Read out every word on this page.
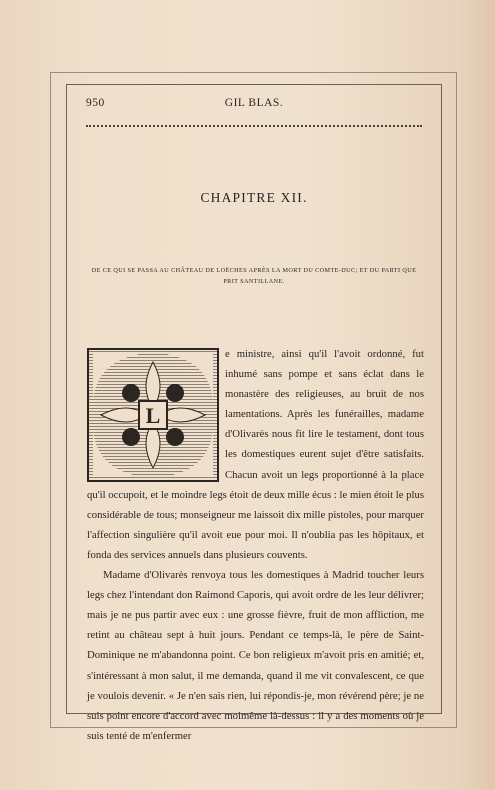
950	GIL BLAS.
CHAPITRE XII.
DE CE QUI SE PASSA AU CHÂTEAU DE LOËCHES APRÈS LA MORT DU COMTE-DUC; ET DU PARTI QUE PRIT SANTILLANE.

L
e ministre, ainsi qu'il l'avoit ordonné, fut inhumé sans pompe et sans éclat dans le monastère des religieuses, au bruit de nos lamentations. Après les funérailles, madame d'Olivarès nous fit lire le testament, dont tous les domestiques eurent sujet d'être satisfaits. Chacun avoit un legs proportionné à la place qu'il occupoit, et le moindre legs étoit de deux mille écus : le mien étoit le plus considérable de tous; monseigneur me laissoit dix mille pistoles, pour marquer l'affection singulière qu'il avoit eue pour moi. Il n'oublia pas les hôpitaux, et fonda des services annuels dans plusieurs couvents.

Madame d'Olivarès renvoya tous les domestiques à Madrid toucher leurs legs chez l'intendant don Raimond Caporis, qui avoit ordre de les leur délivrer; mais je ne pus partir avec eux : une grosse fièvre, fruit de mon affliction, me retint au château sept à huit jours. Pendant ce temps-là, le père de Saint-Dominique ne m'abandonna point. Ce bon religieux m'avoit pris en amitié; et, s'intéressant à mon salut, il me demanda, quand il me vit convalescent, ce que je voulois devenir. « Je n'en sais rien, lui répondis-je, mon révérend père; je ne suis point encore d'accord avec moimême là-dessus : il y a des moments où je suis tenté de m'enfermer
